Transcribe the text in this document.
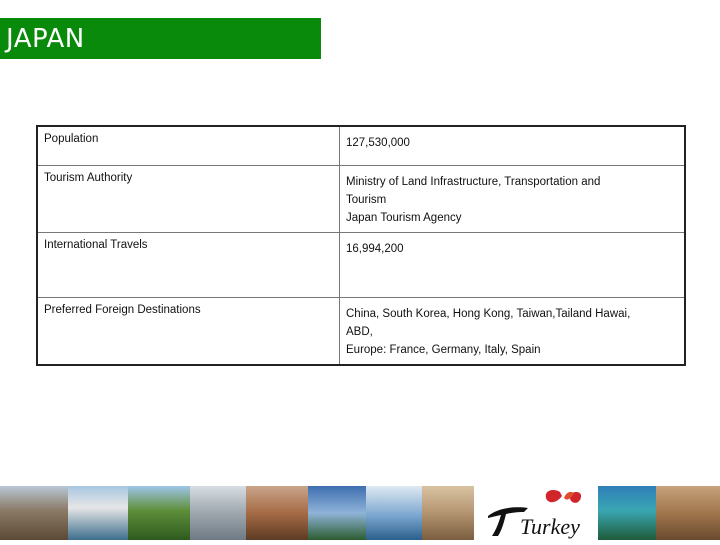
JAPAN
Population	127,530,000

Tourism Authority	Ministry of Land Infrastructure, Transportation and
Tourism
Japan Tourism Agency

International Travels	16,994,200

Preferred Foreign Destinations	China, South Korea, Hong Kong, Taiwan,Tailand Hawai,
ABD,
Europe: France, Germany, Italy, Spain
Turkey
